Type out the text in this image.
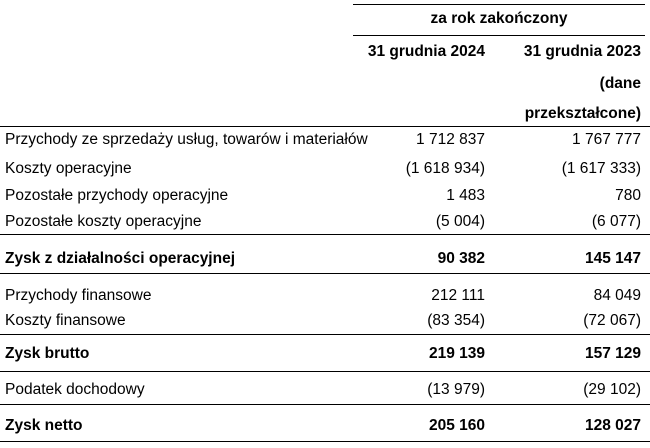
za rok zakończony
31 grudnia 2024	31 grudnia 2023
(dane
przekształcone)
Przychody ze sprzedaży usług, towarów i materiałów	1 712 837	1 767 777
Koszty operacyjne	(1 618 934)	(1 617 333)
Pozostałe przychody operacyjne	1 483	780
Pozostałe koszty operacyjne	(5 004)	(6 077)
Zysk z działalności operacyjnej	90 382	145 147
Przychody finansowe	212 111	84 049
Koszty finansowe	(83 354)	(72 067)
Zysk brutto	219 139	157 129
Podatek dochodowy	(13 979)	(29 102)
Zysk netto	205 160	128 027
